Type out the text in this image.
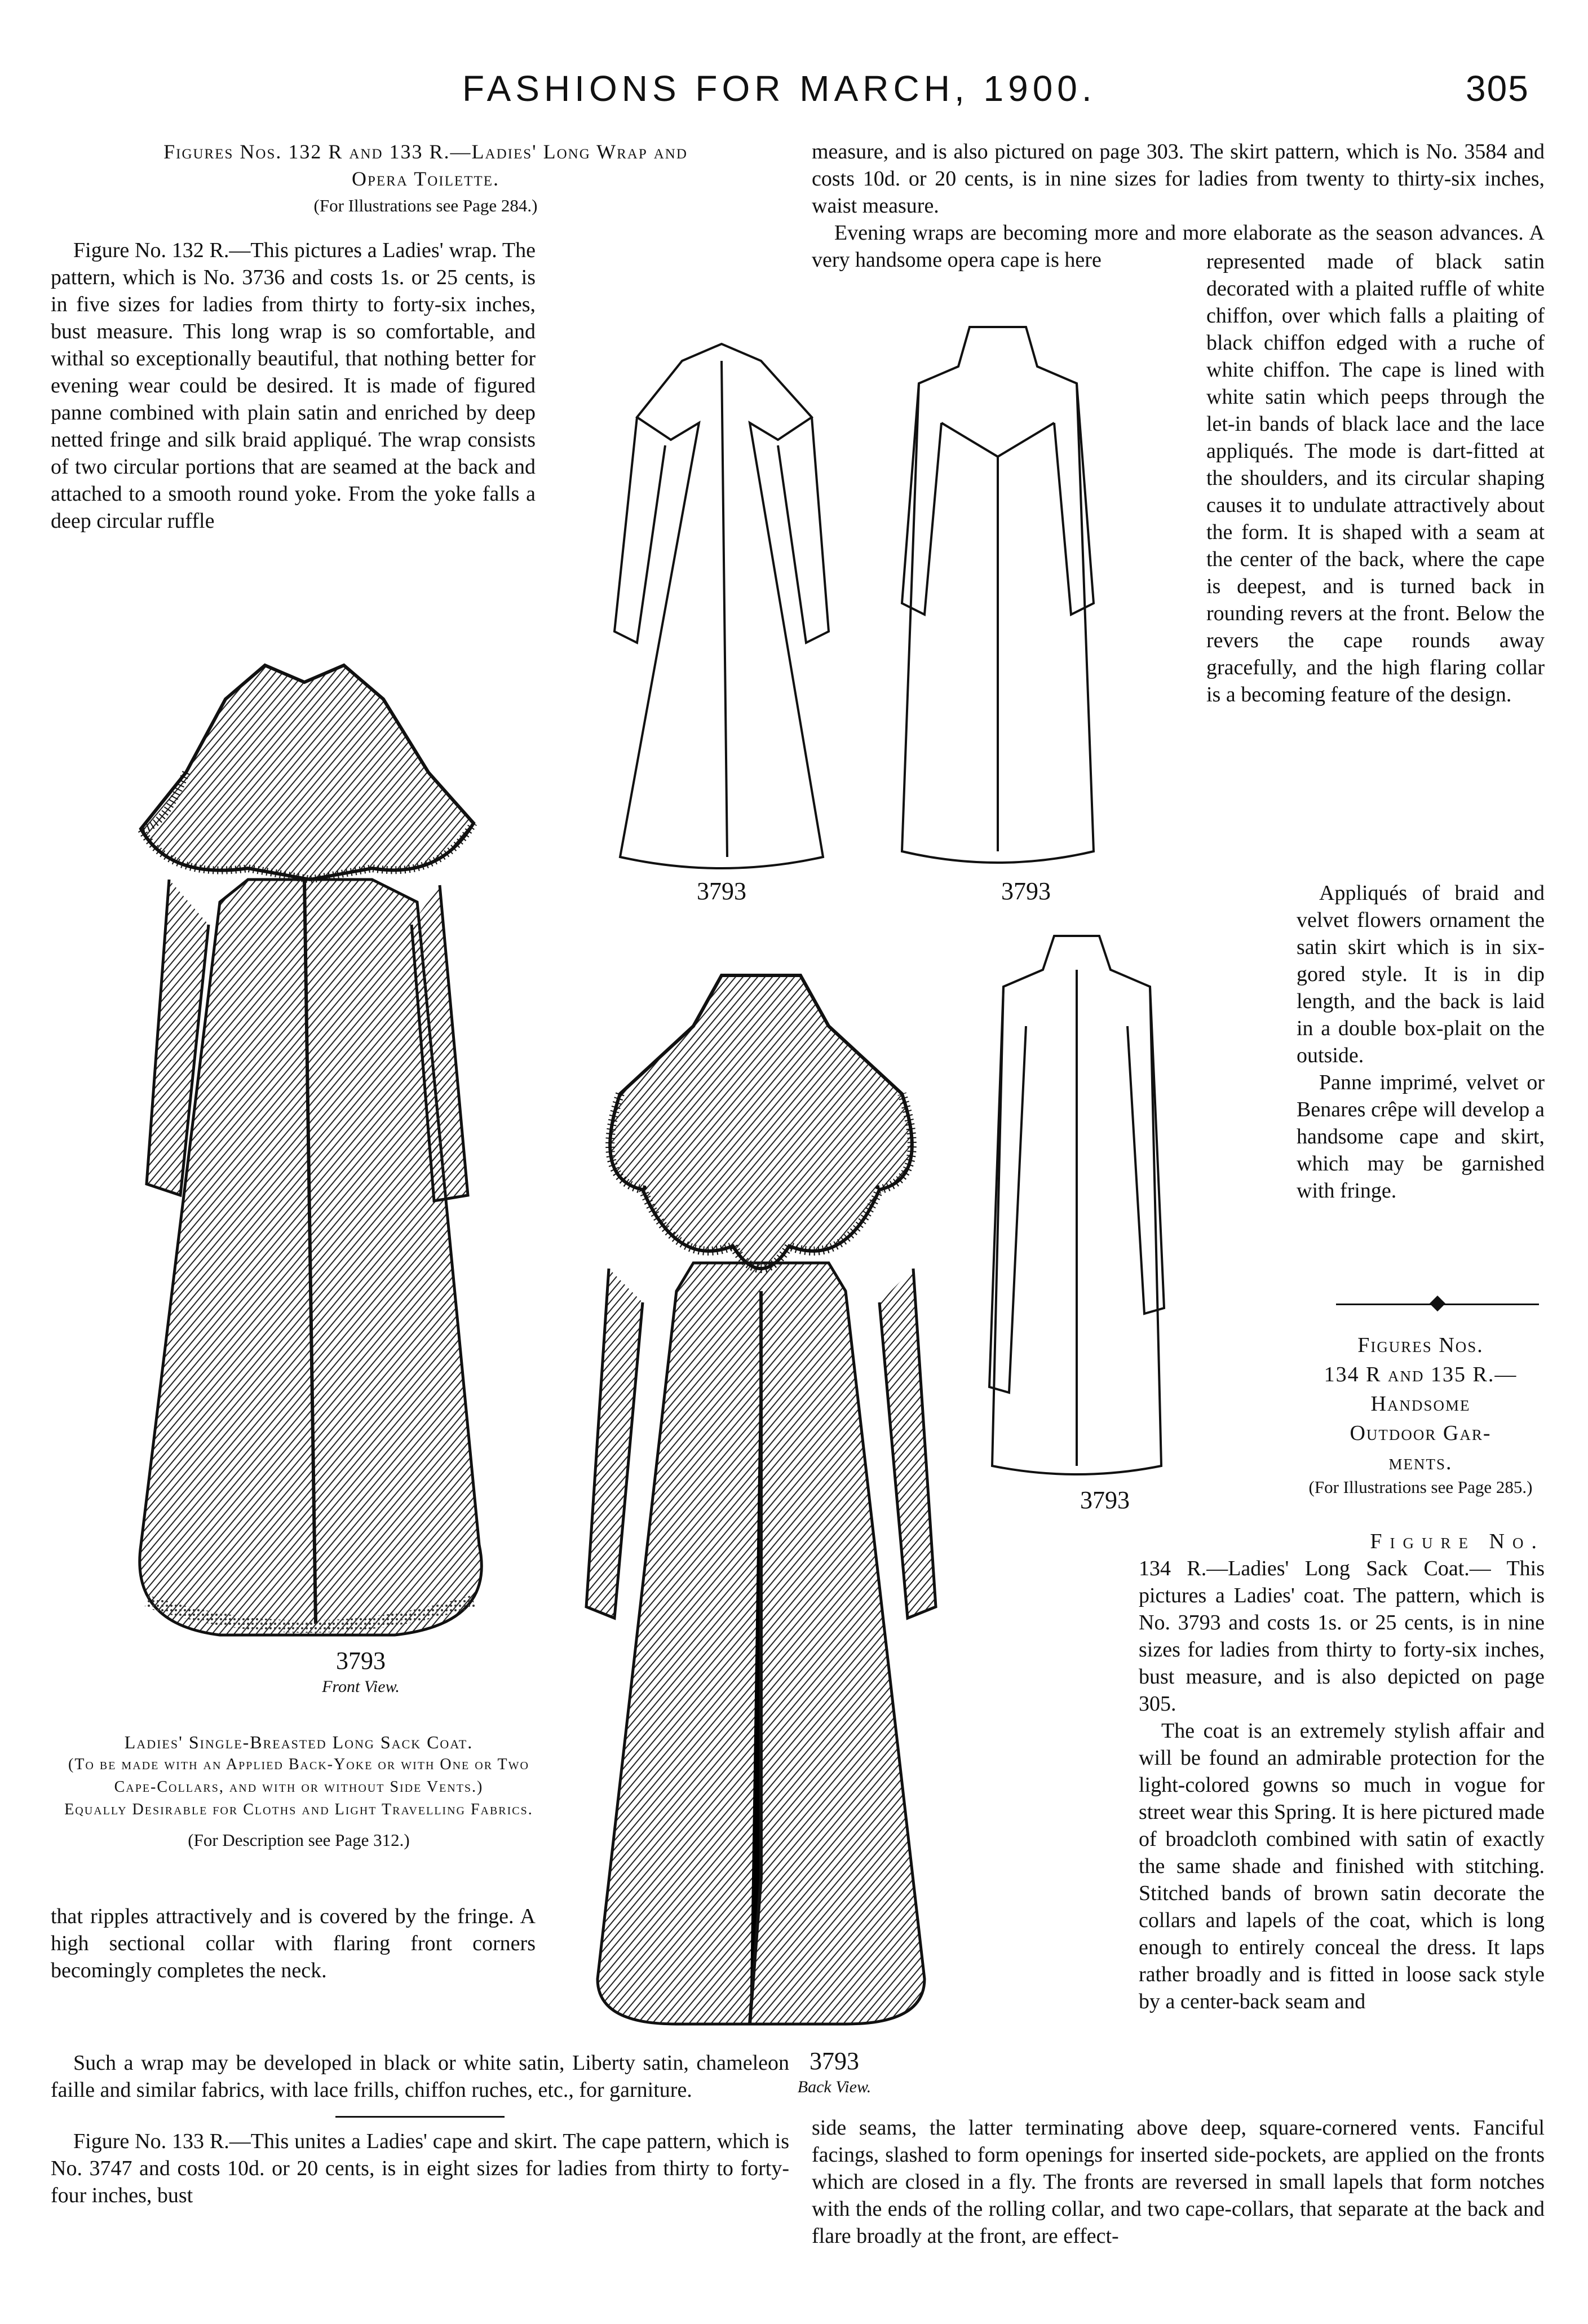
FASHIONS FOR MARCH, 1900.	305
Figures Nos. 132 R and 133 R.—Ladies' Long Wrap and
Opera Toilette.
(For Illustrations see Page 284.)

Figure No. 132 R.—This pictures a Ladies' wrap. The pattern, which is No. 3736 and costs 1s. or 25 cents, is in five sizes for ladies from thirty to forty-six inches, bust measure. This long wrap is so comfortable, and withal so exceptionally beautiful, that nothing better for evening wear could be desired. It is made of figured panne combined with plain satin and enriched by deep netted fringe and silk braid appliqué. The wrap consists of two circular portions that are seamed at the back and attached to a smooth round yoke. From the yoke falls a deep circular ruffle

measure, and is also pictured on page 303. The skirt pattern, which is No. 3584 and costs 10d. or 20 cents, is in nine sizes for ladies from twenty to thirty-six inches, waist measure.

Evening wraps are becoming more and more elaborate as the season advances. A very handsome opera cape is here	represented made of black satin decorated with a plaited ruffle of white chiffon, over which falls a plaiting of black chiffon edged with a ruche of white chiffon. The cape is lined with white satin which peeps through the let-in bands of black lace and the lace appliqués. The mode is dart-fitted at the shoulders, and its circular shaping causes it to undulate attractively about the form. It is shaped with a seam at the center of the back, where the cape is deepest, and is turned back in rounding revers at the front. Below the revers the cape rounds away gracefully, and the high flaring collar is a becoming feature of the design.

Appliqués of braid and velvet flowers ornament the satin skirt which is in six-gored style. It is in dip length, and the back is laid in a double box-plait on the outside.

Panne imprimé, velvet or Benares crêpe will develop a handsome cape and skirt, which may be garnished with fringe.

Figures Nos.
134 R and 135 R.—
Handsome
Outdoor Gar-
ments.
(For Illustrations see Page 285.)
Figure No.

134 R.—Ladies' Long Sack Coat.— This pictures a Ladies' coat. The pattern, which is No. 3793 and costs 1s. or 25 cents, is in nine sizes for ladies from thirty to forty-six inches, bust measure, and is also depicted on page 305.

The coat is an extremely stylish affair and will be found an admirable protection for the light-colored gowns so much in vogue for street wear this Spring. It is here pictured made of broadcloth combined with satin of exactly the same shade and finished with stitching. Stitched bands of brown satin decorate the collars and lapels of the coat, which is long enough to entirely conceal the dress. It laps rather broadly and is fitted in loose sack style by a center-back seam and

side seams, the latter terminating above deep, square-cornered vents. Fanciful facings, slashed to form openings for inserted side-pockets, are applied on the fronts which are closed in a fly. The fronts are reversed in small lapels that form notches with the ends of the rolling collar, and two cape-collars, that separate at the back and flare broadly at the front, are effect-

Ladies' Single-Breasted Long Sack Coat.
(To be made with an Applied Back-Yoke or with One or Two Cape-Collars, and with or without Side Vents.)
Equally Desirable for Cloths and Light Travelling Fabrics.
(For Description see Page 312.)

that ripples attractively and is covered by the fringe. A high sectional collar with flaring front corners becomingly completes the neck.

Such a wrap may be developed in black or white satin, Liberty satin, chameleon faille and similar fabrics, with lace frills, chiffon ruches, etc., for garniture.

Figure No. 133 R.—This unites a Ladies' cape and skirt. The cape pattern, which is No. 3747 and costs 10d. or 20 cents, is in eight sizes for ladies from thirty to forty-four inches, bust

3793
Front View.
3793
Back View.
3793	3793
3793
